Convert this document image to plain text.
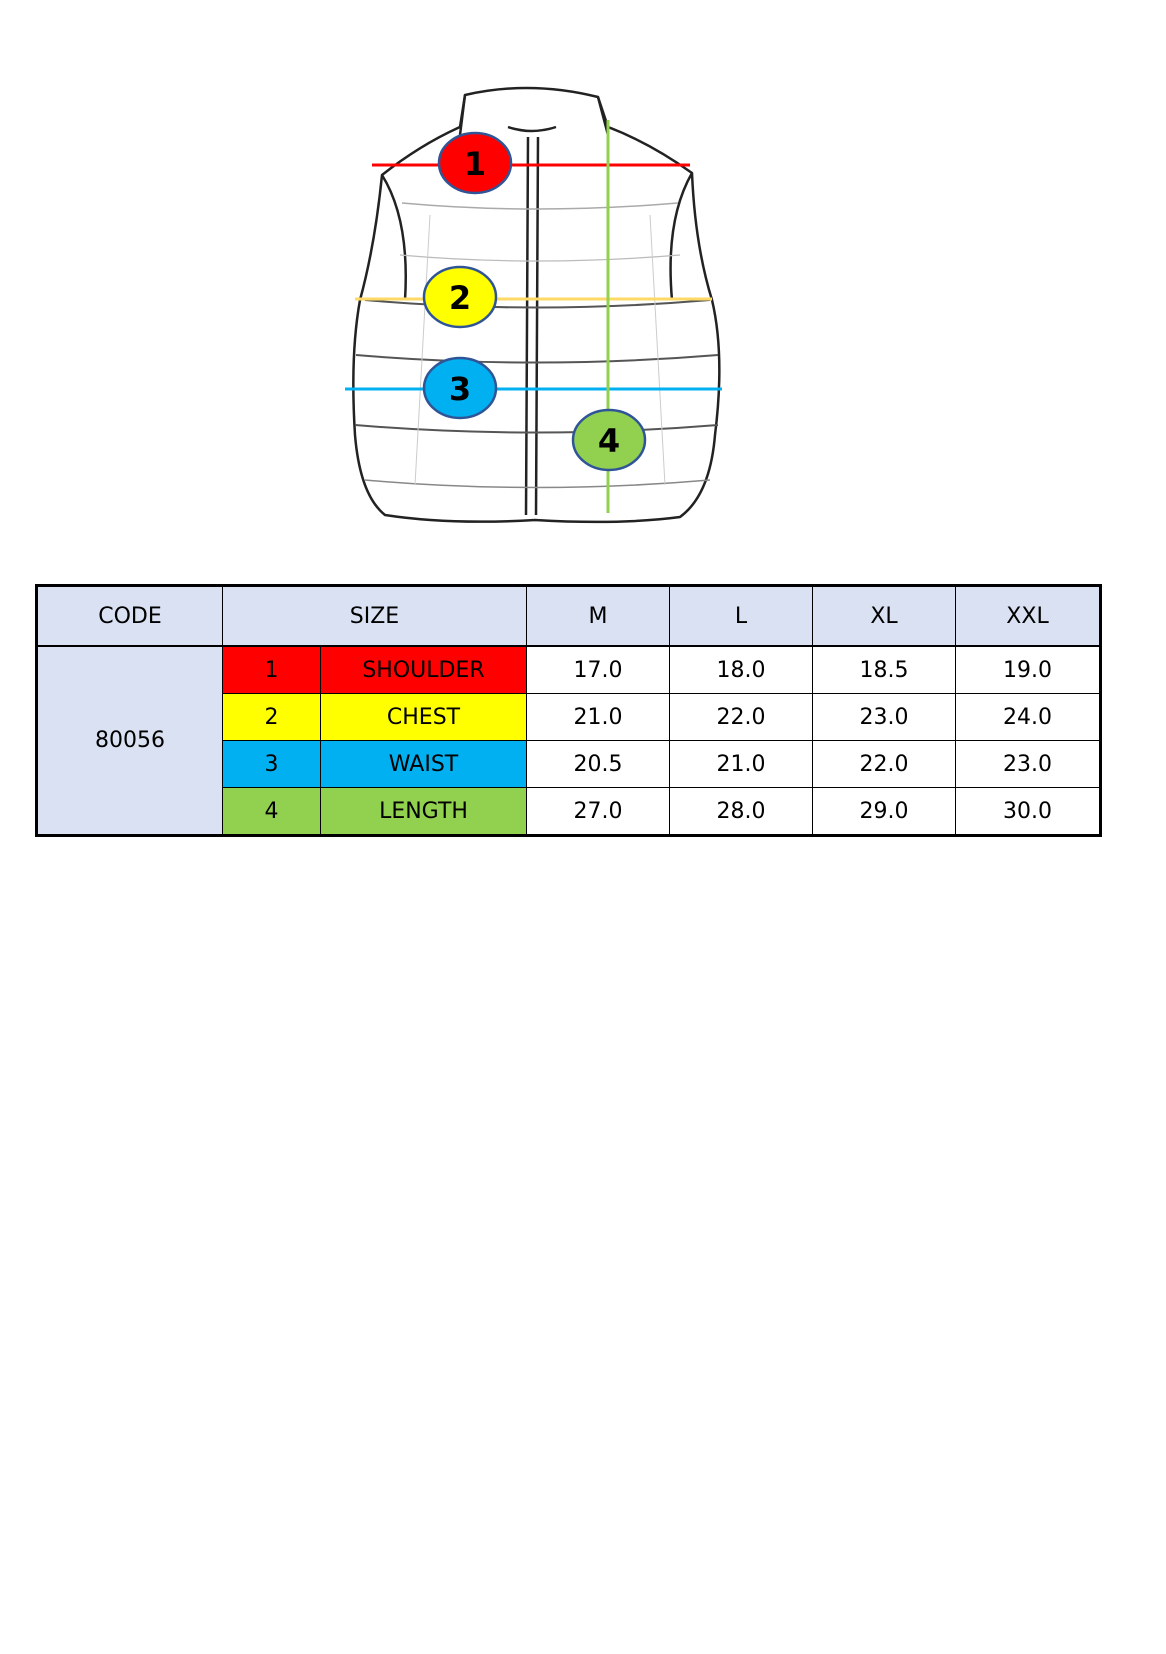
1
2
3
4
CODE	SIZE		M	L	XL	XXL
80056	1	SHOULDER	17.0	18.0	18.5	19.0
	2	CHEST	21.0	22.0	23.0	24.0
	3	WAIST	20.5	21.0	22.0	23.0
	4	LENGTH	27.0	28.0	29.0	30.0
